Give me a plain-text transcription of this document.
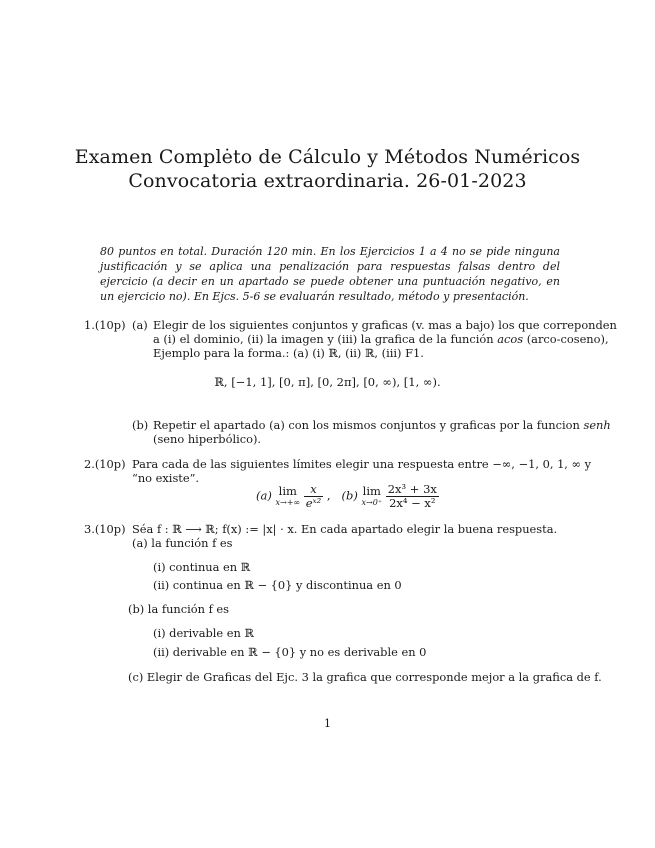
Examen Complėto de Cálculo y Métodos Numéricos
Convocatoria extraordinaria. 26-01-2023
80 puntos en total. Duración 120 min. En los Ejercicios 1 a 4 no se pide ninguna justificación y se aplica una penalización para respuestas falsas dentro del ejercicio (a decir en un apartado se puede obtener una puntuación negativo, en un ejercicio no). En Ejcs. 5-6 se evaluarán resultado, método y presentación.
1.(10p) (a) Elegir de los siguientes conjuntos y graficas (v. mas a bajo) los que correponden
a (i) el dominio, (ii) la imagen y (iii) la grafica de la función acos (arco-coseno),
Ejemplo para la forma.: (a) (i) ℝ, (ii) ℝ, (iii) F1.
ℝ, [−1, 1], [0, π], [0, 2π], [0, ∞), [1, ∞).
(b) Repetir el apartado (a) con los mismos conjuntos y graficas por la funcion senh
(seno hiperbólico).
2.(10p) Para cada de las siguientes límites elegir una respuesta entre −∞, −1, 0, 1, ∞ y
“no existe”.
(a) lim
x→+∞
$\frac{x}{\text{eˣ²}}$ , (b) lim
x→0⁺
$\frac{\text{2x³ + 3x}}{\text{2x⁴ − x²}}$
3.(10p) Séa f : ℝ ⟶ ℝ; f(x) := |x| · x. En cada apartado elegir la buena respuesta.
(a) la función f es
(i) continua en ℝ
(ii) continua en ℝ − {0} y discontinua en 0
(b) la función f es
(i) derivable en ℝ
(ii) derivable en ℝ − {0} y no es derivable en 0
(c) Elegir de Graficas del Ejc. 3 la grafica que corresponde mejor a la grafica de f.
1
